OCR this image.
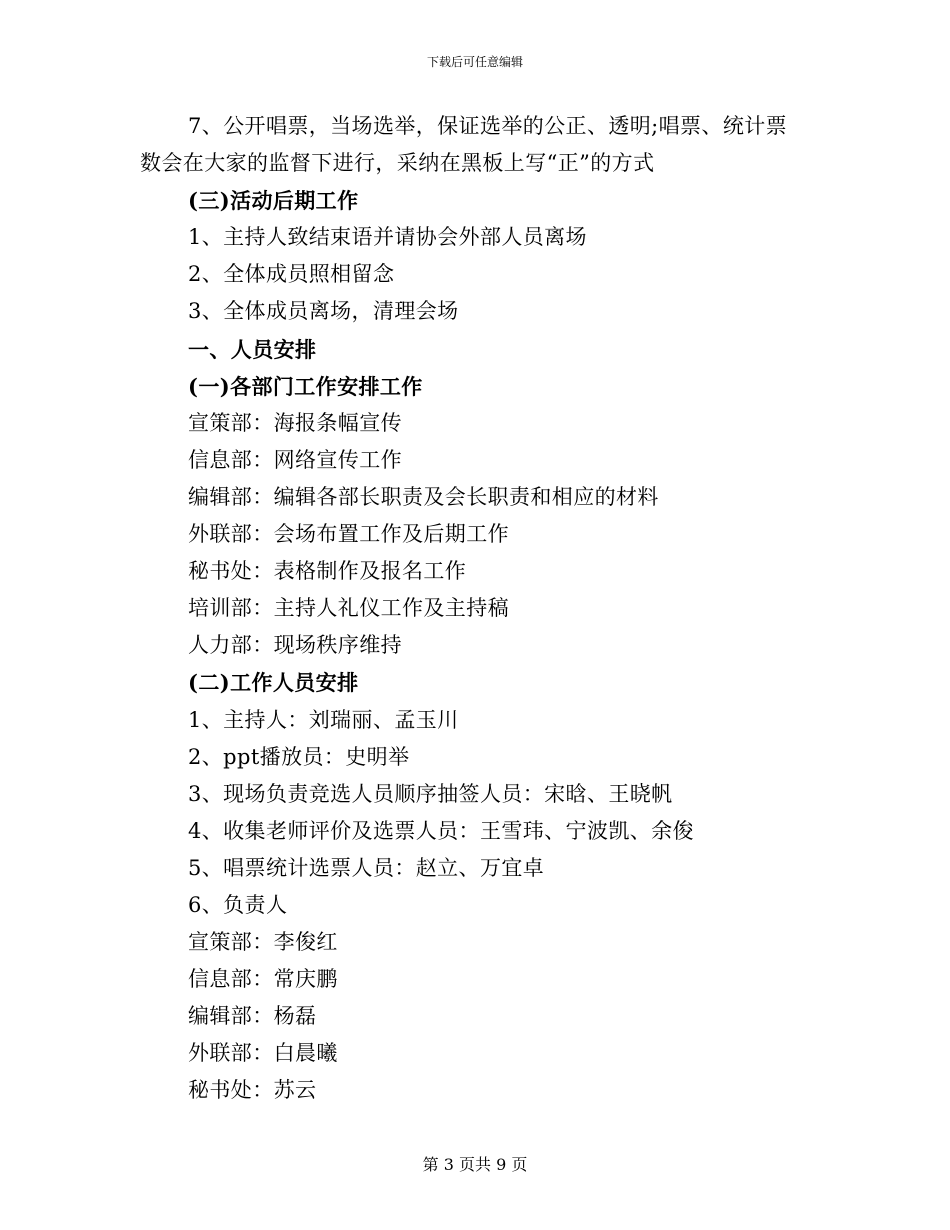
下载后可任意编辑
7、公开唱票，当场选举，保证选举的公正、透明;唱票、统计票
数会在大家的监督下进行，采纳在黑板上写“正”的方式
(三)活动后期工作
1、主持人致结束语并请协会外部人员离场
2、全体成员照相留念
3、全体成员离场，清理会场
一、人员安排
(一)各部门工作安排工作
宣策部：海报条幅宣传
信息部：网络宣传工作
编辑部：编辑各部长职责及会长职责和相应的材料
外联部：会场布置工作及后期工作
秘书处：表格制作及报名工作
培训部：主持人礼仪工作及主持稿
人力部：现场秩序维持
(二)工作人员安排
1、主持人：刘瑞丽、孟玉川
2、ppt播放员：史明举
3、现场负责竞选人员顺序抽签人员：宋晗、王晓帆
4、收集老师评价及选票人员：王雪玮、宁波凯、余俊
5、唱票统计选票人员：赵立、万宜卓
6、负责人
宣策部：李俊红
信息部：常庆鹏
编辑部：杨磊
外联部：白晨曦
秘书处：苏云
第 3 页共 9 页
